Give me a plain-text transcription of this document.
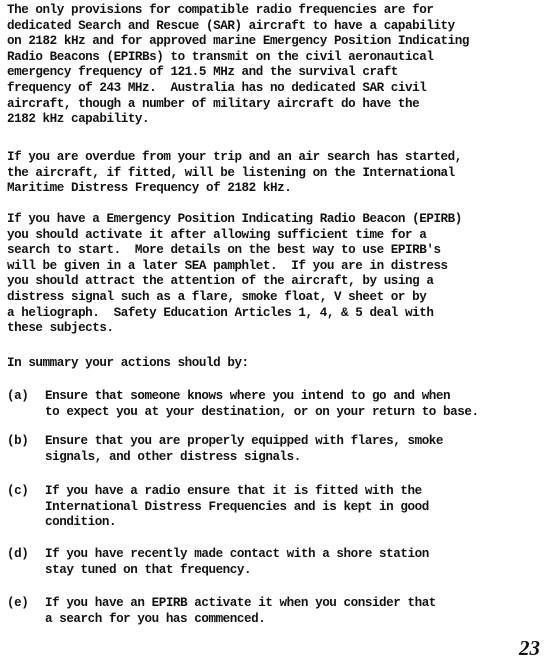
The only provisions for compatible radio frequencies are for
dedicated Search and Rescue (SAR) aircraft to have a capability
on 2182 kHz and for approved marine Emergency Position Indicating
Radio Beacons (EPIRBs) to transmit on the civil aeronautical
emergency frequency of 121.5 MHz and the survival craft
frequency of 243 MHz.  Australia has no dedicated SAR civil
aircraft, though a number of military aircraft do have the
2182 kHz capability.

If you are overdue from your trip and an air search has started,
the aircraft, if fitted, will be listening on the International
Maritime Distress Frequency of 2182 kHz.

If you have a Emergency Position Indicating Radio Beacon (EPIRB)
you should activate it after allowing sufficient time for a
search to start.  More details on the best way to use EPIRB's
will be given in a later SEA pamphlet.  If you are in distress
you should attract the attention of the aircraft, by using a
distress signal such as a flare, smoke float, V sheet or by
a heliograph.  Safety Education Articles 1, 4, & 5 deal with
these subjects.

In summary your actions should by:

(a) Ensure that someone knows where you intend to go and when
to expect you at your destination, or on your return to base.
(b) Ensure that you are properly equipped with flares, smoke
signals, and other distress signals.
(c) If you have a radio ensure that it is fitted with the
International Distress Frequencies and is kept in good
condition.
(d) If you have recently made contact with a shore station
stay tuned on that frequency.
(e) If you have an EPIRB activate it when you consider that
a search for you has commenced.
23
